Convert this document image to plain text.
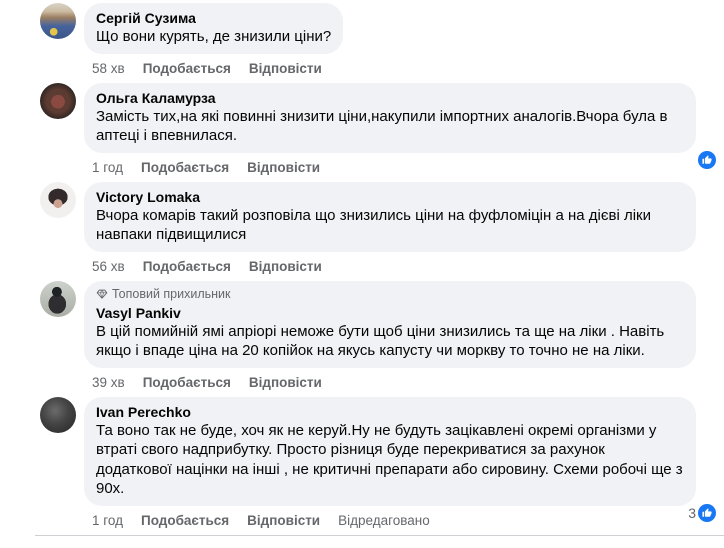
Сергій Сузима
Що вони курять, де знизили ціни?
58 хв Подобається Відповісти
Ольга Каламурза
Замість тих,на які повинні знизити ціни,накупили імпортних аналогів.Вчора була в аптеці і впевнилася.
1 год Подобається Відповісти
Victory Lomaka
Вчора комарів такий розповіла що знизились ціни на фуфломіцін а на дієві ліки навпаки підвищилися
56 хв Подобається Відповісти
Топовий прихильник
Vasyl Pankiv
В цій помийній ямі апріорі неможе бути щоб ціни знизились та ще на ліки . Навіть якщо і впаде ціна на 20 копійок на якусь капусту чи моркву то точно не на ліки.
39 хв Подобається Відповісти
Ivan Perechko
Та воно так не буде, хоч як не керуй.Ну не будуть зацікавлені окремі організми у втраті свого надприбутку. Просто різниця буде перекриватися за рахунок додаткової націнки на інші , не критичні препарати або сировину. Схеми робочі ще з 90х.
1 год Подобається Відповісти Відредаговано	3
